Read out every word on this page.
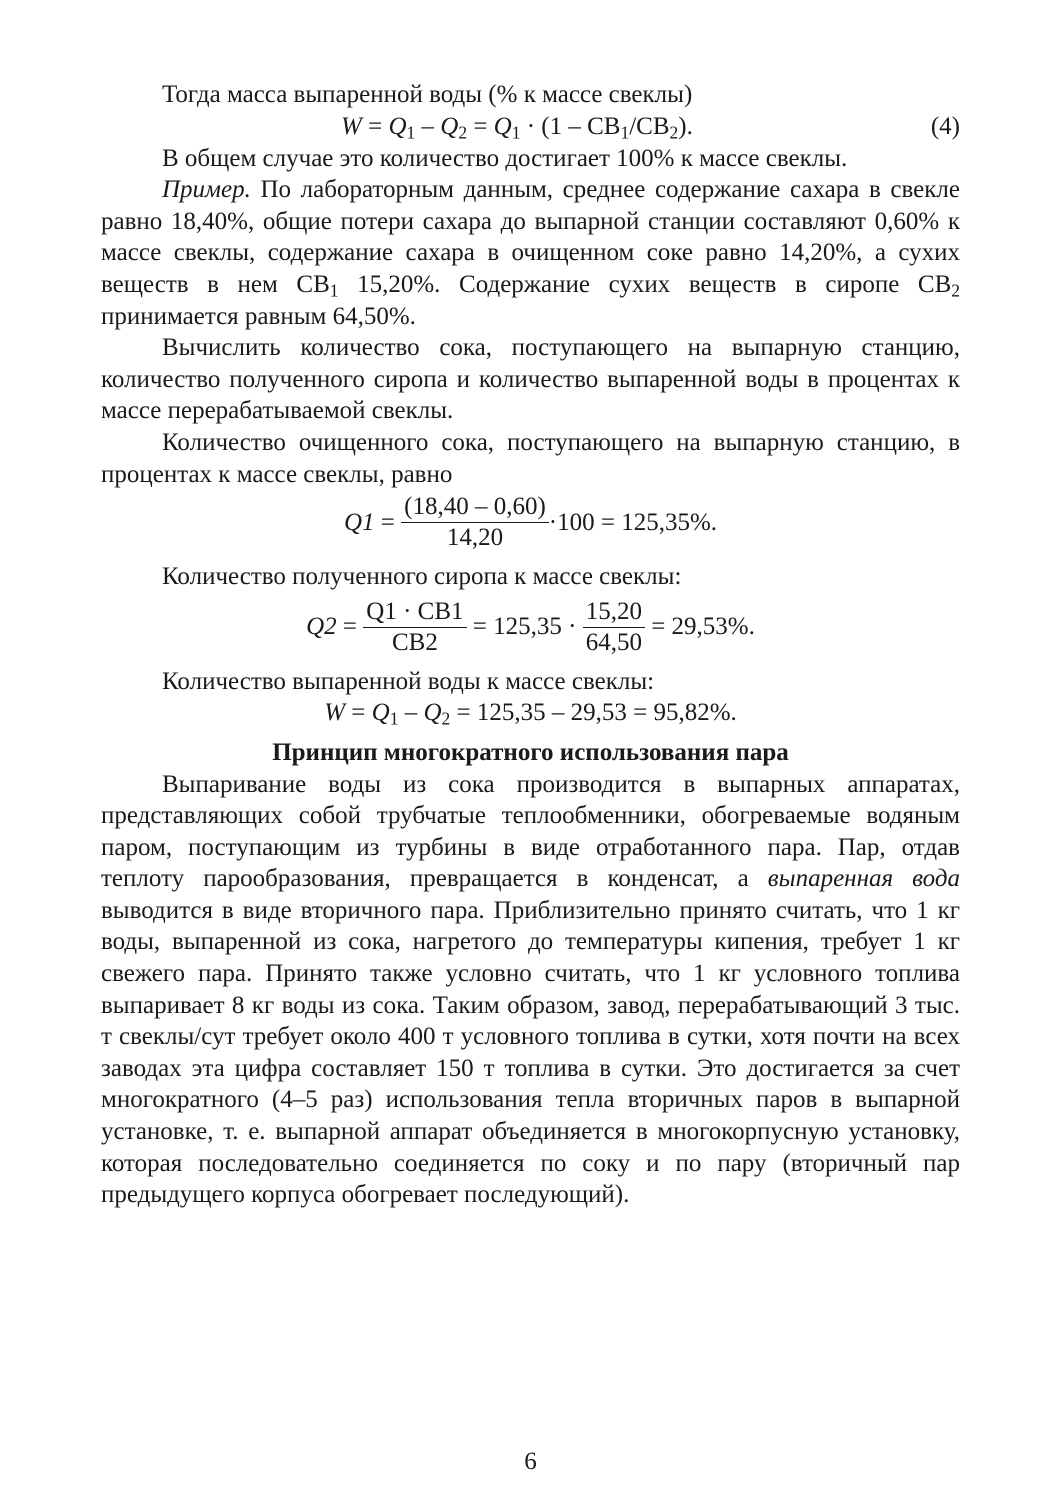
Тогда масса выпаренной воды (% к массе свеклы)

$W = Q_1 - Q_2 = Q_1 \cdot (1 - СВ_1/СВ_2)$.	(4)

В общем случае это количество достигает 100% к массе свеклы.

Пример. По лабораторным данным, среднее содержание сахара в свекле равно 18,40%, общие потери сахара до выпарной станции составляют 0,60% к массе свеклы, содержание сахара в очищенном соке равно 14,20%, а сухих веществ в нем $СВ_1$ 15,20%. Содержание сухих веществ в сиропе $СВ_2$ принимается равным 64,50%.

Вычислить количество сока, поступающего на выпарную станцию, количество полученного сиропа и количество выпаренной воды в процентах к массе перерабатываемой свеклы.

Количество очищенного сока, поступающего на выпарную станцию, в процентах к массе свеклы, равно

$Q1 = \frac{(18,40 - 0,60)}{14,20} \cdot 100 = 125,35\%$.

Количество полученного сиропа к массе свеклы:

$Q2 = \frac{Q1 \cdot CB1}{CB2} = 125,35 \cdot \frac{15,20}{64,50} = 29,53\%$.

Количество выпаренной воды к массе свеклы:

$W = Q_1 - Q_2 = 125,35 - 29,53 = 95,82\%$.

Принцип многократного использования пара

Выпаривание воды из сока производится в выпарных аппаратах, представляющих собой трубчатые теплообменники, обогреваемые водяным паром, поступающим из турбины в виде отработанного пара. Пар, отдав теплоту парообразования, превращается в конденсат, а выпаренная вода выводится в виде вторичного пара. Приблизительно принято считать, что 1 кг воды, выпаренной из сока, нагретого до температуры кипения, требует 1 кг свежего пара. Принято также условно считать, что 1 кг условного топлива выпаривает 8 кг воды из сока. Таким образом, завод, перерабатывающий 3 тыс. т свеклы/сут требует около 400 т условного топлива в сутки, хотя почти на всех заводах эта цифра составляет 150 т топлива в сутки. Это достигается за счет многократного (4–5 раз) использования тепла вторичных паров в выпарной установке, т. е. выпарной аппарат объединяется в многокорпусную установку, которая последовательно соединяется по соку и по пару (вторичный пар предыдущего корпуса обогревает последующий).

6
